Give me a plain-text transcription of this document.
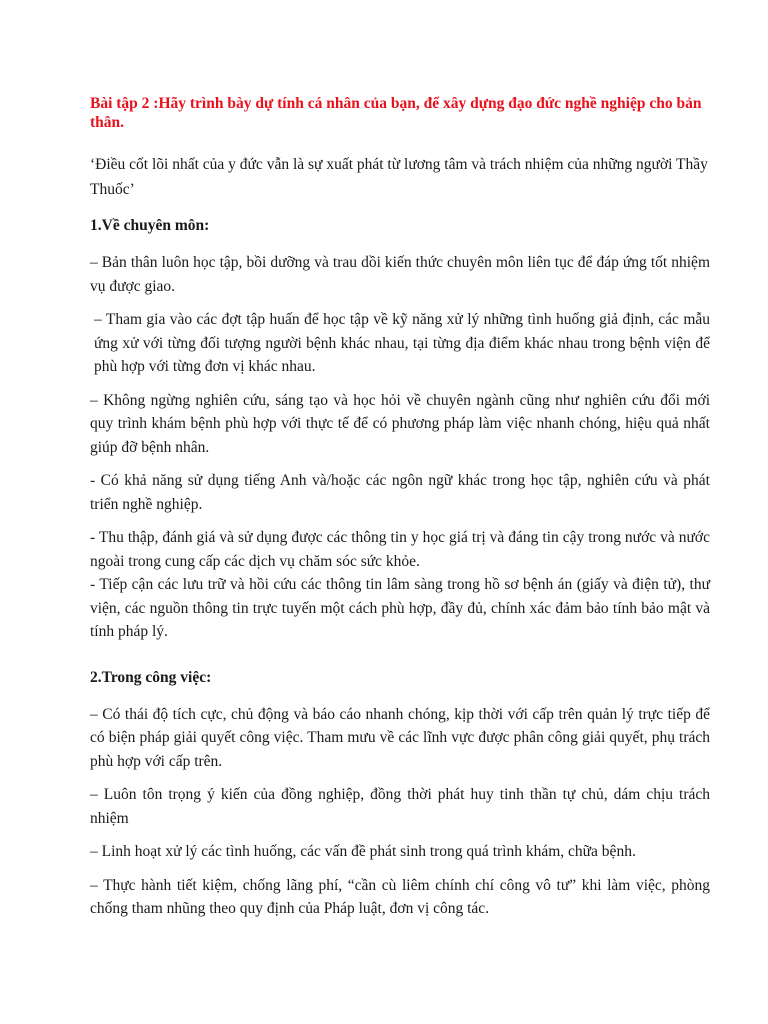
Bài tập 2 :Hãy trình bày dự tính cá nhân của bạn, để xây dựng đạo đức nghề nghiệp cho bản thân.

‘Điều cốt lõi nhất của y đức vẫn là sự xuất phát từ lương tâm và trách nhiệm của những người Thầy Thuốc’

1.Về chuyên môn:

– Bản thân luôn học tập, bồi dưỡng và trau dồi kiến thức chuyên môn liên tục để đáp ứng tốt nhiệm vụ được giao.

– Tham gia vào các đợt tập huấn để học tập về kỹ năng xử lý những tình huống giả định, các mẫu ứng xử với từng đối tượng người bệnh khác nhau, tại từng địa điểm khác nhau trong bệnh viện để phù hợp với từng đơn vị khác nhau.

– Không ngừng nghiên cứu, sáng tạo và học hỏi về chuyên ngành cũng như nghiên cứu đổi mới quy trình khám bệnh phù hợp với thực tế để có phương pháp làm việc nhanh chóng, hiệu quả nhất giúp đỡ bệnh nhân.

- Có khả năng sử dụng tiếng Anh và/hoặc các ngôn ngữ khác trong học tập, nghiên cứu và phát triển nghề nghiệp.

- Thu thập, đánh giá và sử dụng được các thông tin y học giá trị và đáng tin cậy trong nước và nước ngoài trong cung cấp các dịch vụ chăm sóc sức khỏe.

- Tiếp cận các lưu trữ và hồi cứu các thông tin lâm sàng trong hồ sơ bệnh án (giấy và điện tử), thư viện, các nguồn thông tin trực tuyến một cách phù hợp, đầy đủ, chính xác đảm bảo tính bảo mật và tính pháp lý.

2.Trong công việc:

– Có thái độ tích cực, chủ động và báo cáo nhanh chóng, kịp thời với cấp trên quản lý trực tiếp để có biện pháp giải quyết công việc. Tham mưu về các lĩnh vực được phân công giải quyết, phụ trách phù hợp với cấp trên.

– Luôn tôn trọng ý kiến của đồng nghiệp, đồng thời phát huy tinh thần tự chủ, dám chịu trách nhiệm

– Linh hoạt xử lý các tình huống, các vấn đề phát sinh trong quá trình khám, chữa bệnh.

– Thực hành tiết kiệm, chống lãng phí, “cần cù liêm chính chí công vô tư” khi làm việc, phòng chống tham nhũng theo quy định của Pháp luật, đơn vị công tác.
